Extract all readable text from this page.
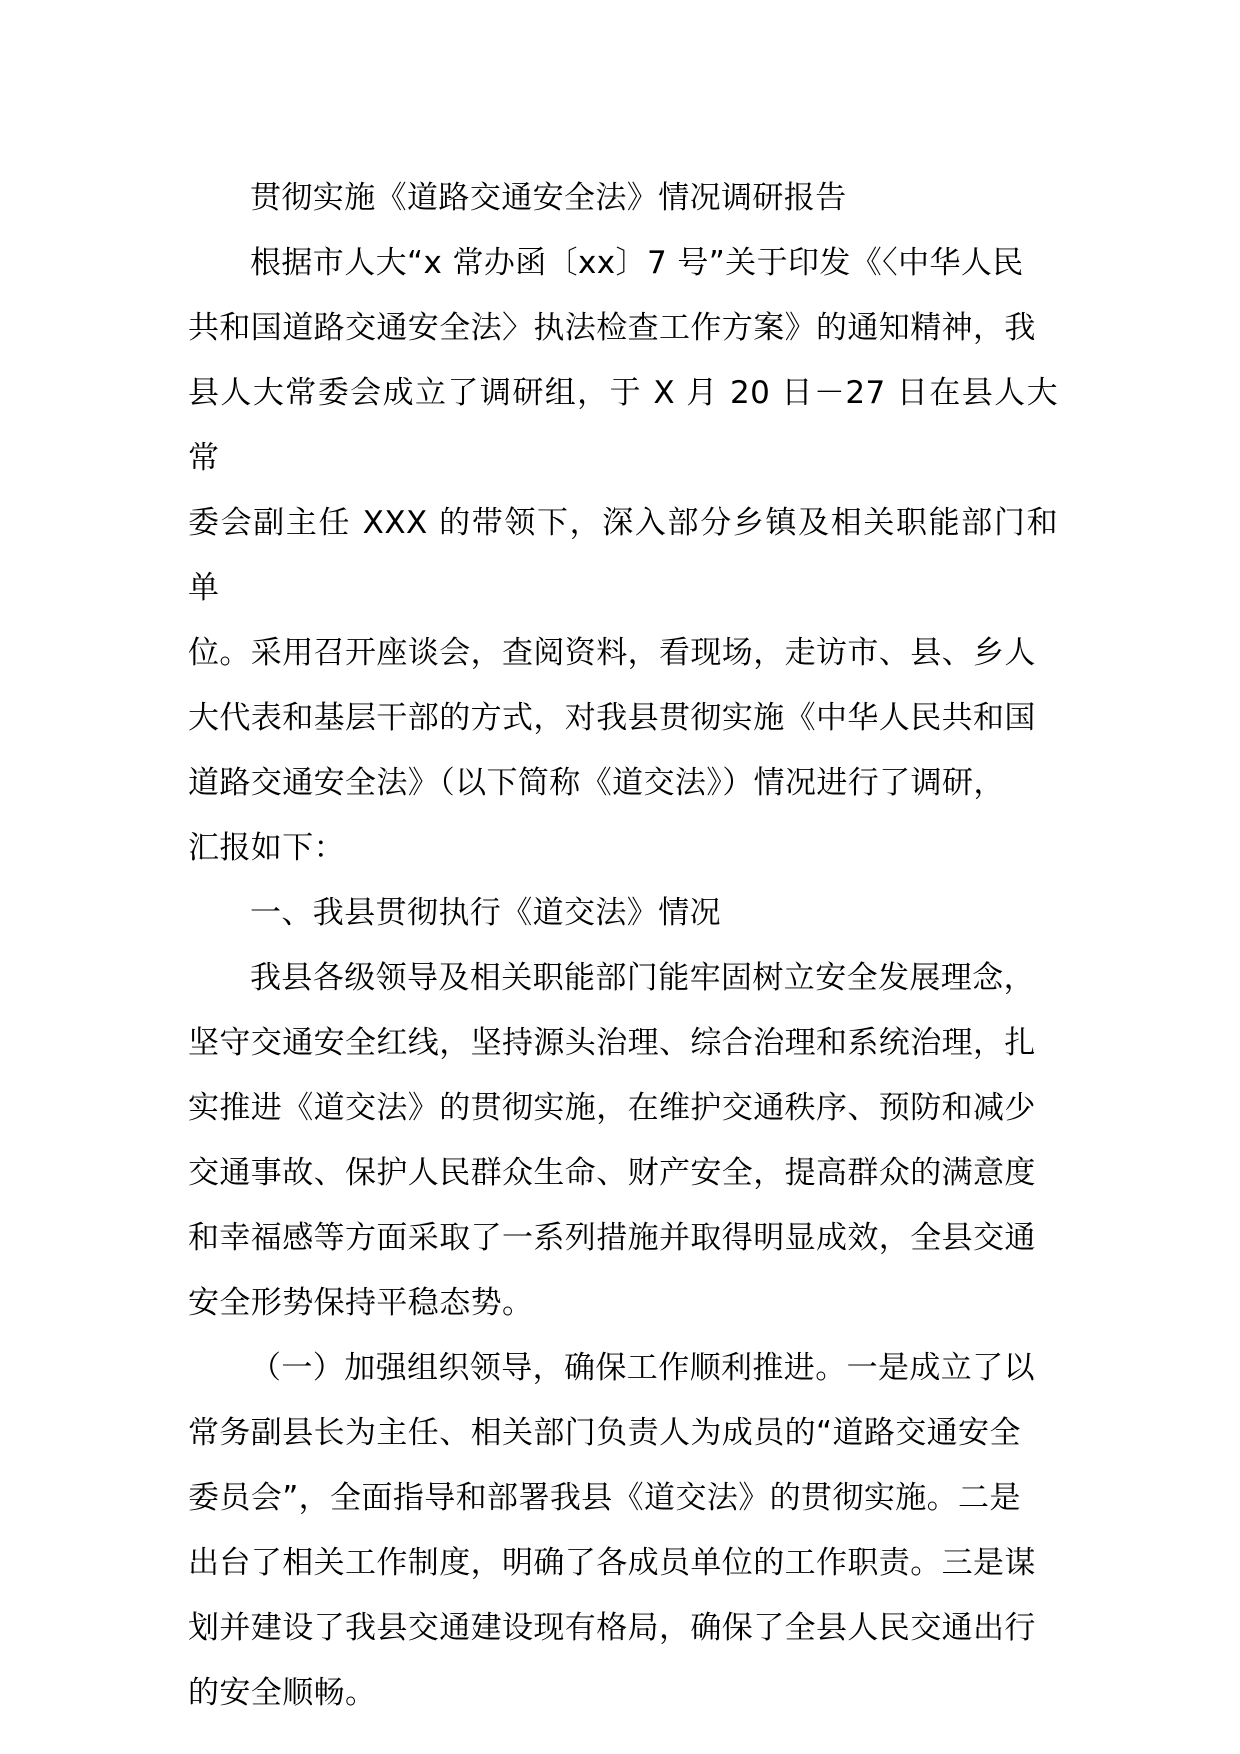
贯彻实施《道路交通安全法》情况调研报告

根据市人大“x 常办函〔xx〕7 号”关于印发《〈中华人民
共和国道路交通安全法〉执法检查工作方案》的通知精神，我
县人大常委会成立了调研组，于 X 月 20 日－27 日在县人大常
委会副主任 XXX 的带领下，深入部分乡镇及相关职能部门和单
位。采用召开座谈会，查阅资料，看现场，走访市、县、乡人
大代表和基层干部的方式，对我县贯彻实施《中华人民共和国
道路交通安全法》（以下简称《道交法》）情况进行了调研，
汇报如下：

一、我县贯彻执行《道交法》情况

我县各级领导及相关职能部门能牢固树立安全发展理念，
坚守交通安全红线，坚持源头治理、综合治理和系统治理，扎
实推进《道交法》的贯彻实施，在维护交通秩序、预防和减少
交通事故、保护人民群众生命、财产安全，提高群众的满意度
和幸福感等方面采取了一系列措施并取得明显成效，全县交通
安全形势保持平稳态势。

（一）加强组织领导，确保工作顺利推进。一是成立了以
常务副县长为主任、相关部门负责人为成员的“道路交通安全
委员会”，全面指导和部署我县《道交法》的贯彻实施。二是
出台了相关工作制度，明确了各成员单位的工作职责。三是谋
划并建设了我县交通建设现有格局，确保了全县人民交通出行
的安全顺畅。
